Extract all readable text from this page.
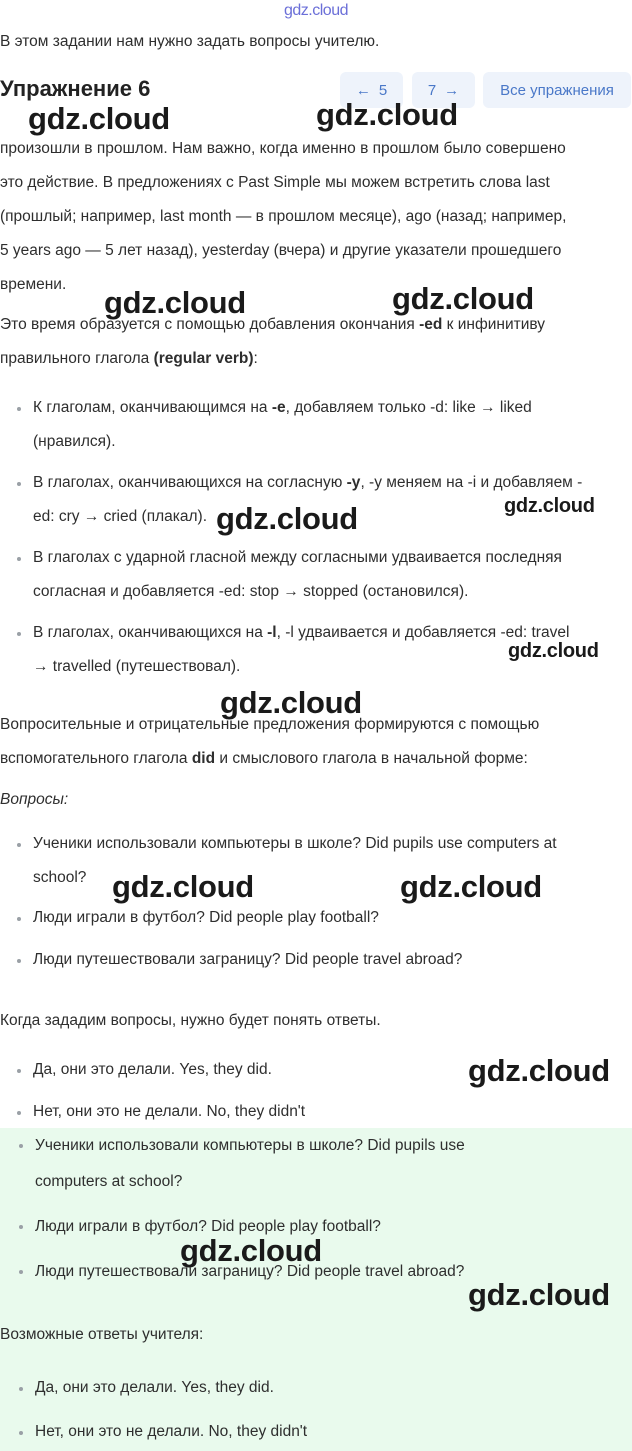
gdz.cloud
В этом задании нам нужно задать вопросы учителю.
Упражнение 6	← 5	7 →	Все упражнения
произошли в прошлом. Нам важно, когда именно в прошлом было совершено
это действие. В предложениях с Past Simple мы можем встретить слова last
(прошлый; например, last month — в прошлом месяце), ago (назад; например,
5 years ago — 5 лет назад), yesterday (вчера) и другие указатели прошедшего
времени.
Это время образуется с помощью добавления окончания -ed к инфинитиву
правильного глагола (regular verb):
К глаголам, оканчивающимся на -e, добавляем только -d: like → liked
(нравился).
В глаголах, оканчивающихся на согласную -y, -y меняем на -i и добавляем -
ed: cry → cried (плакал).
В глаголах с ударной гласной между согласными удваивается последняя
согласная и добавляется -ed: stop → stopped (остановился).
В глаголах, оканчивающихся на -l, -l удваивается и добавляется -ed: travel
→ travelled (путешествовал).
Вопросительные и отрицательные предложения формируются с помощью
вспомогательного глагола did и смыслового глагола в начальной форме:
Вопросы:
Ученики использовали компьютеры в школе? Did pupils use computers at
school?
Люди играли в футбол? Did people play football?
Люди путешествовали заграницу? Did people travel abroad?
Когда зададим вопросы, нужно будет понять ответы.
Да, они это делали. Yes, they did.
Нет, они это не делали. No, they didn't
Ученики использовали компьютеры в школе? Did pupils use
computers at school?
Люди играли в футбол? Did people play football?
Люди путешествовали заграницу? Did people travel abroad?
Возможные ответы учителя:
Да, они это делали. Yes, they did.
Нет, они это не делали. No, they didn't
gdz.cloud	gdz.cloud
gdz.cloud	gdz.cloud
gdz.cloud	gdz.cloud
gdz.cloud
gdz.cloud
gdz.cloud	gdz.cloud
gdz.cloud
gdz.cloud
gdz.cloud
